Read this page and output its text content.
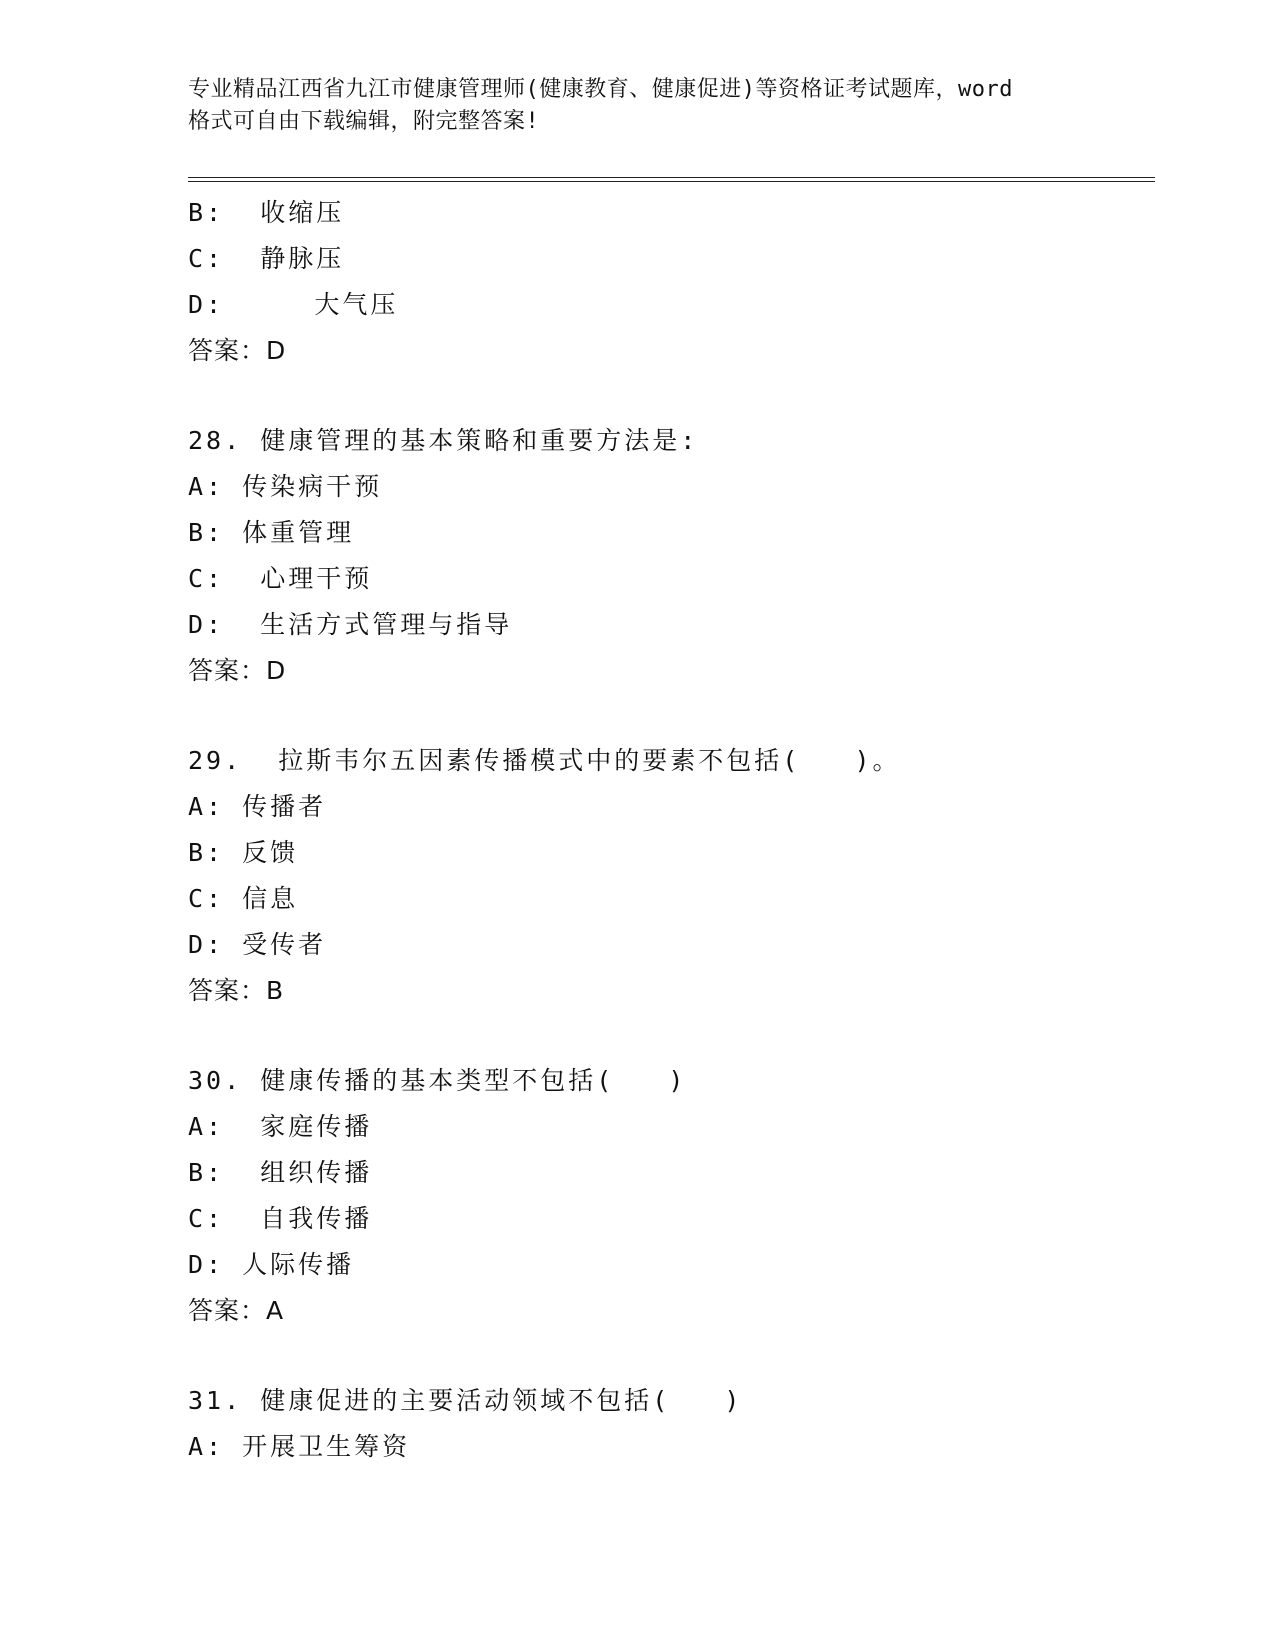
专业精品江西省九江市健康管理师(健康教育、健康促进)等资格证考试题库，word
格式可自由下载编辑，附完整答案!
B:  收缩压
C:  静脉压
D:     大气压
答案：D
28. 健康管理的基本策略和重要方法是:
A: 传染病干预
B: 体重管理
C:  心理干预
D:  生活方式管理与指导
答案：D
29.  拉斯韦尔五因素传播模式中的要素不包括(   )。
A: 传播者
B: 反馈
C: 信息
D: 受传者
答案：B
30. 健康传播的基本类型不包括(   )
A:  家庭传播
B:  组织传播
C:  自我传播
D: 人际传播
答案：A
31. 健康促进的主要活动领域不包括(   )
A: 开展卫生筹资
